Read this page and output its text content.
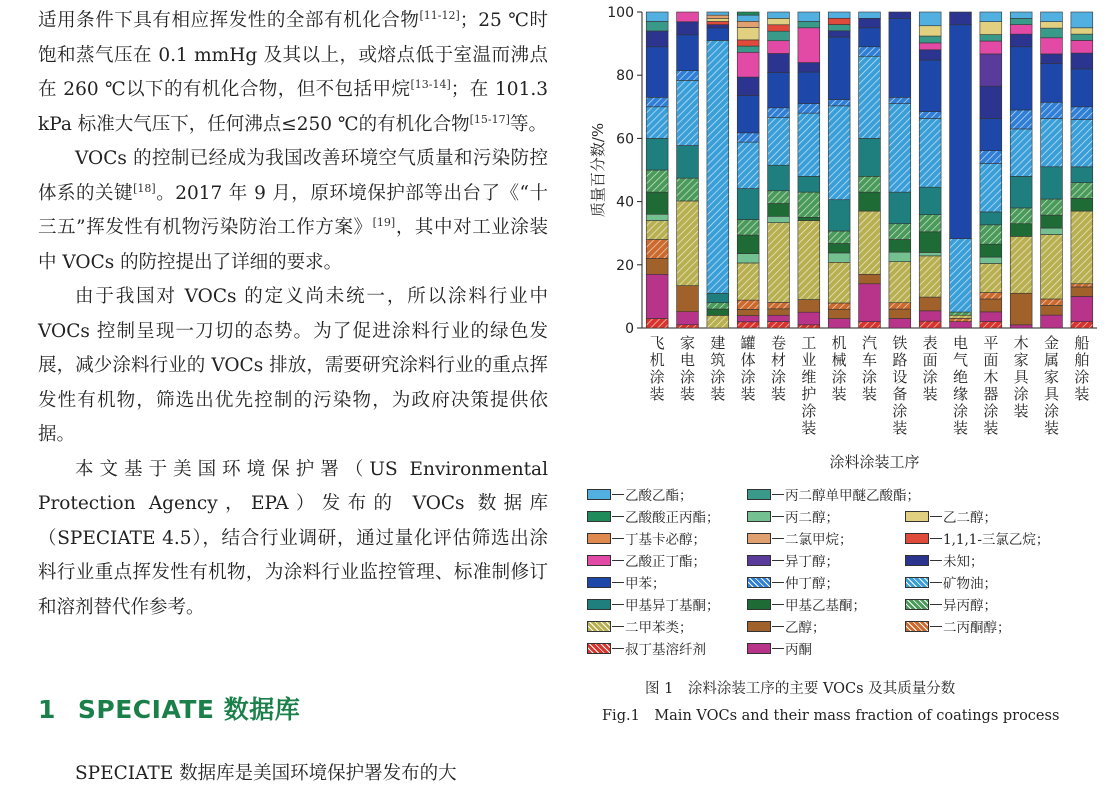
适用条件下具有相应挥发性的全部有机化合物[11-12]；25 ℃时饱和蒸气压在 0.1 mmHg 及其以上，或熔点低于室温而沸点在 260 ℃以下的有机化合物，但不包括甲烷[13-14]；在 101.3 kPa 标准大气压下，任何沸点≤250 ℃的有机化合物[15-17]等。

VOCs 的控制已经成为我国改善环境空气质量和污染防控体系的关键[18]。2017 年 9 月，原环境保护部等出台了《“十三五”挥发性有机物污染防治工作方案》[19]，其中对工业涂装中 VOCs 的防控提出了详细的要求。

由于我国对 VOCs 的定义尚未统一，所以涂料行业中 VOCs 控制呈现一刀切的态势。为了促进涂料行业的绿色发展，减少涂料行业的 VOCs 排放，需要研究涂料行业的重点挥发性有机物，筛选出优先控制的污染物，为政府决策提供依据。

本文基于美国环境保护署（US Environmental Protection Agency，EPA）发布的 VOCs 数据库（SPECIATE 4.5），结合行业调研，通过量化评估筛选出涂料行业重点挥发性有机物，为涂料行业监控管理、标准制修订和溶剂替代作参考。

1 SPECIATE 数据库

SPECIATE 数据库是美国环境保护署发布的大

0
20
40
60
80
100
质量百分数/%
飞
机
涂
装
家
电
涂
装
建
筑
涂
装
罐
体
涂
装
卷
材
涂
装
工
业
维
护
涂
装
机
械
涂
装
汽
车
涂
装
铁
路
设
备
涂
装
表
面
涂
装
电
气
绝
缘
涂
装
平
面
木
器
涂
装
木
家
具
涂
装
金
属
家
具
涂
装
船
舶
涂
装
涂料涂装工序
乙酸乙酯；	丙二醇单甲醚乙酸酯；
乙酸酸正丙酯；	丙二醇；	乙二醇；
丁基卡必醇；	二氯甲烷；	1,1,1-三氯乙烷；
乙酸正丁酯；	异丁醇；	未知；
甲苯；	仲丁醇；	矿物油；
甲基异丁基酮；	甲基乙基酮；	异丙醇；
二甲苯类；	乙醇；	二丙酮醇；
叔丁基溶纤剂	丙酮
图 1　涂料涂装工序的主要 VOCs 及其质量分数
Fig.1　Main VOCs and their mass fraction of coatings process
